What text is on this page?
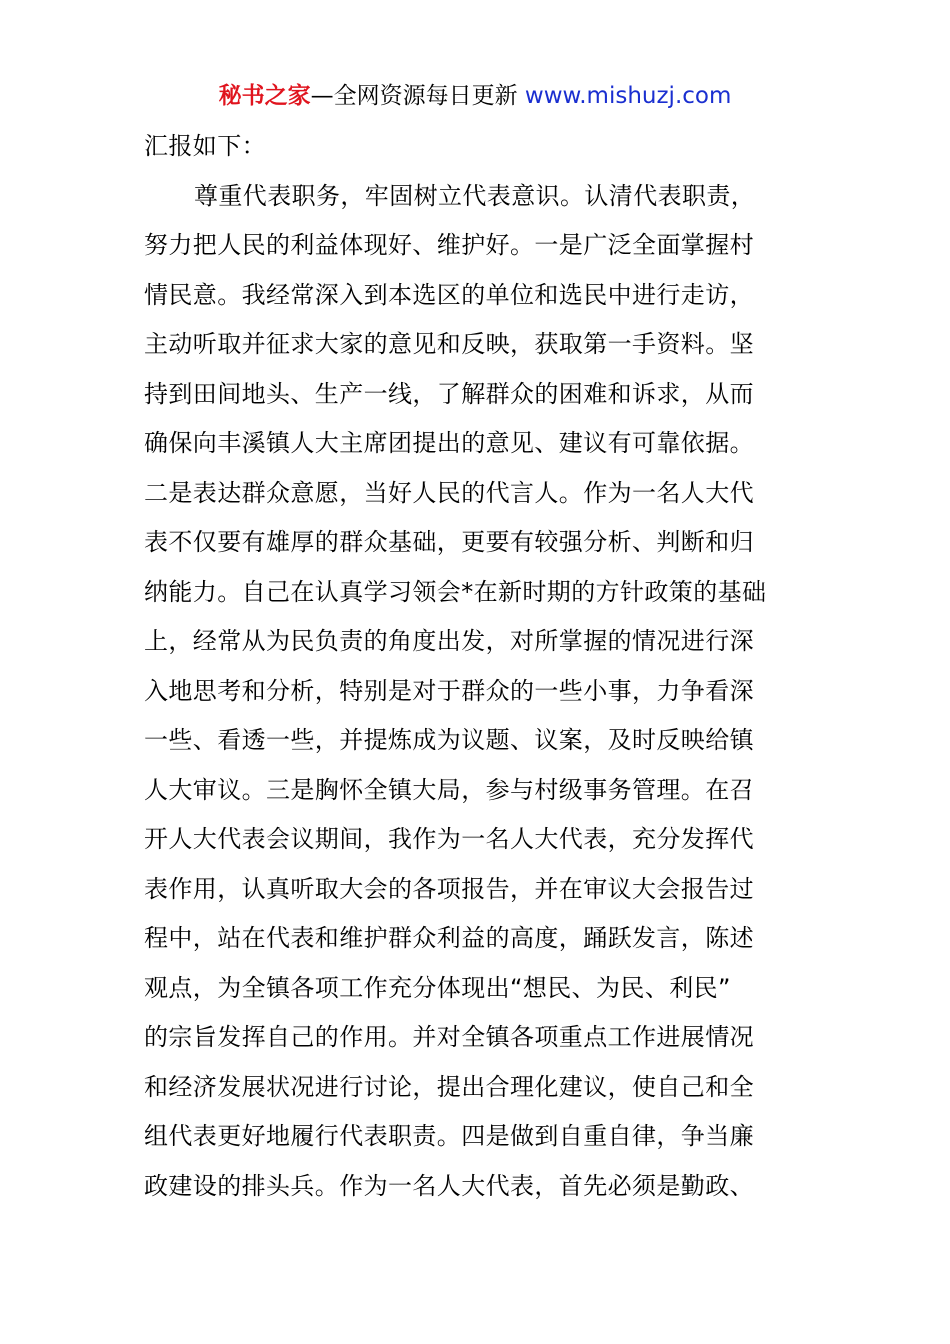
秘书之家—全网资源每日更新 www.mishuzj.com
汇报如下：
尊重代表职务，牢固树立代表意识。认清代表职责，
努力把人民的利益体现好、维护好。一是广泛全面掌握村
情民意。我经常深入到本选区的单位和选民中进行走访，
主动听取并征求大家的意见和反映，获取第一手资料。坚
持到田间地头、生产一线，了解群众的困难和诉求，从而
确保向丰溪镇人大主席团提出的意见、建议有可靠依据。
二是表达群众意愿，当好人民的代言人。作为一名人大代
表不仅要有雄厚的群众基础，更要有较强分析、判断和归
纳能力。自己在认真学习领会*在新时期的方针政策的基础
上，经常从为民负责的角度出发，对所掌握的情况进行深
入地思考和分析，特别是对于群众的一些小事，力争看深
一些、看透一些，并提炼成为议题、议案，及时反映给镇
人大审议。三是胸怀全镇大局，参与村级事务管理。在召
开人大代表会议期间，我作为一名人大代表，充分发挥代
表作用，认真听取大会的各项报告，并在审议大会报告过
程中，站在代表和维护群众利益的高度，踊跃发言，陈述
观点，为全镇各项工作充分体现出“想民、为民、利民”
的宗旨发挥自己的作用。并对全镇各项重点工作进展情况
和经济发展状况进行讨论，提出合理化建议，使自己和全
组代表更好地履行代表职责。四是做到自重自律，争当廉
政建设的排头兵。作为一名人大代表，首先必须是勤政、
